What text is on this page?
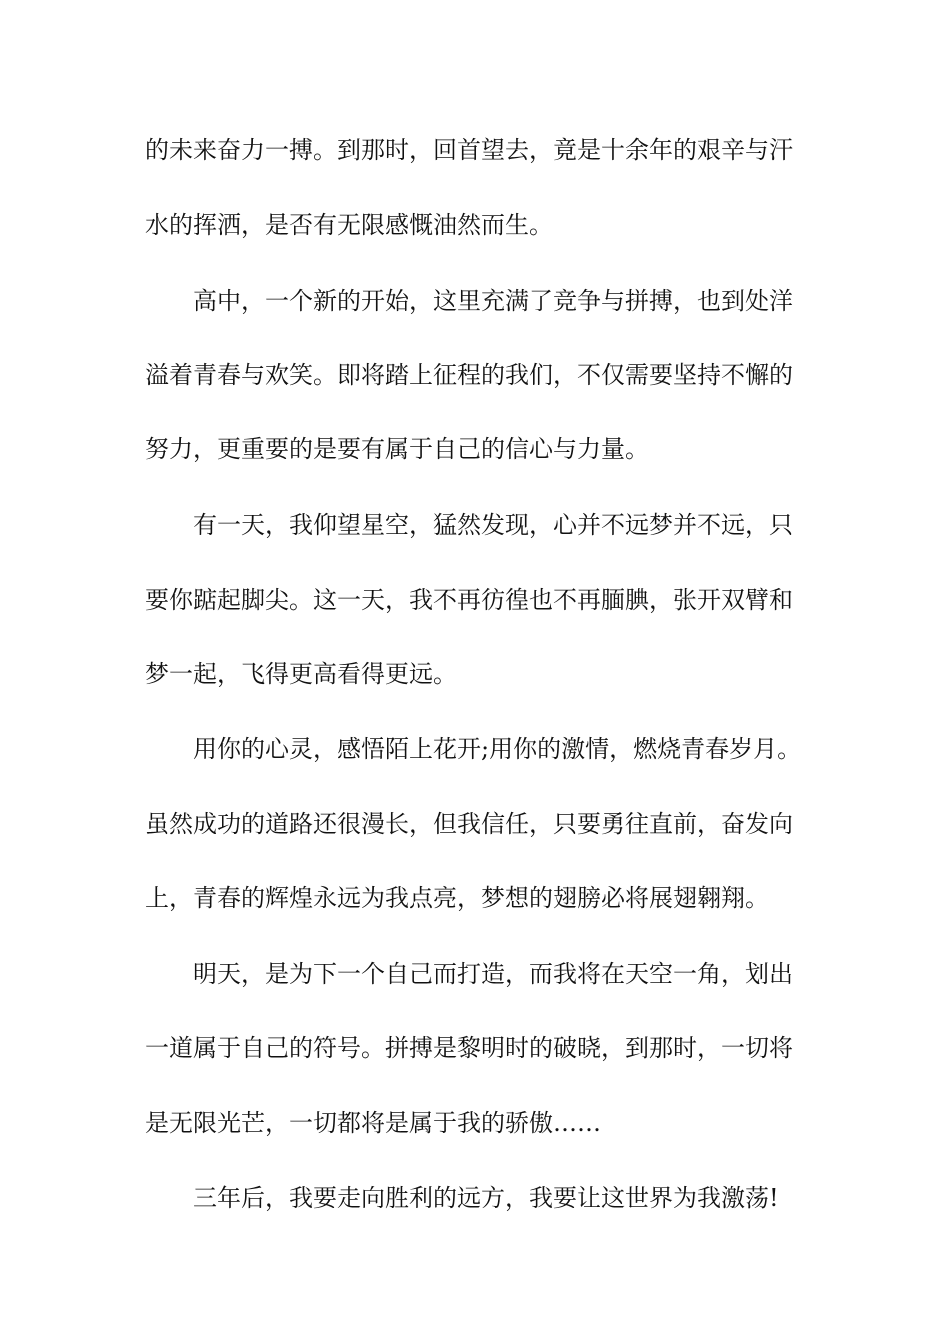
的未来奋力一搏。到那时，回首望去，竟是十余年的艰辛与汗
水的挥洒，是否有无限感慨油然而生。
高中，一个新的开始，这里充满了竞争与拼搏，也到处洋
溢着青春与欢笑。即将踏上征程的我们，不仅需要坚持不懈的
努力，更重要的是要有属于自己的信心与力量。
有一天，我仰望星空，猛然发现，心并不远梦并不远，只
要你踮起脚尖。这一天，我不再彷徨也不再腼腆，张开双臂和
梦一起，飞得更高看得更远。
用你的心灵，感悟陌上花开;用你的激情，燃烧青春岁月。
虽然成功的道路还很漫长，但我信任，只要勇往直前，奋发向
上，青春的辉煌永远为我点亮，梦想的翅膀必将展翅翱翔。
明天，是为下一个自己而打造，而我将在天空一角，划出
一道属于自己的符号。拼搏是黎明时的破晓，到那时，一切将
是无限光芒，一切都将是属于我的骄傲……
三年后，我要走向胜利的远方，我要让这世界为我激荡!
